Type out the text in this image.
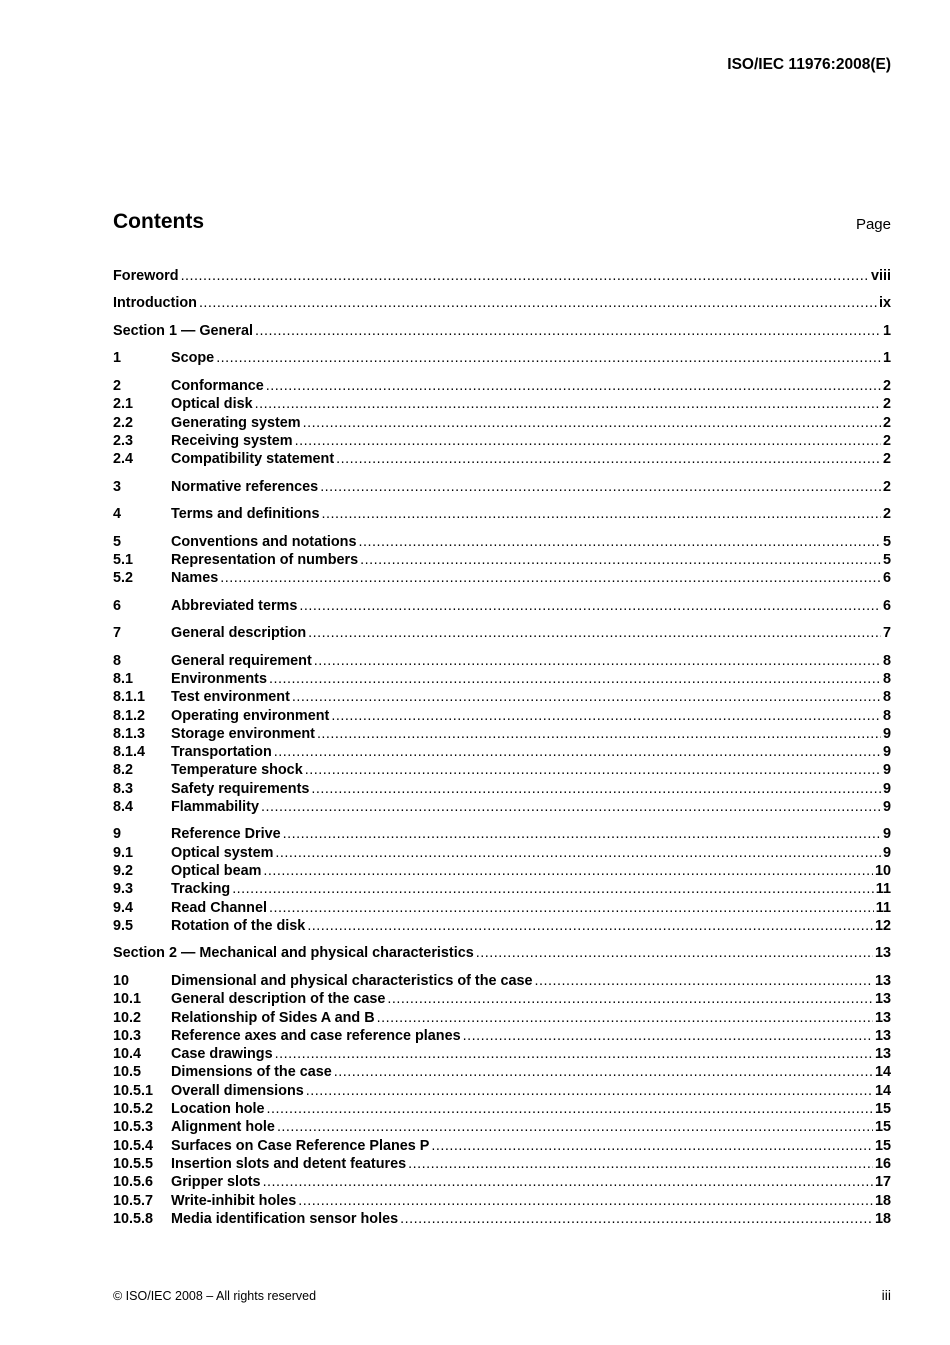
ISO/IEC 11976:2008(E)
Contents	Page
Foreword .....	viii
Introduction .....	ix
Section 1 — General .....	1
1	Scope .....	1
2	Conformance .....	2
2.1	Optical disk .....	2
2.2	Generating system .....	2
2.3	Receiving system .....	2
2.4	Compatibility statement .....	2
3	Normative references .....	2
4	Terms and definitions .....	2
5	Conventions and notations .....	5
5.1	Representation of numbers .....	5
5.2	Names .....	6
6	Abbreviated terms .....	6
7	General description .....	7
8	General requirement .....	8
8.1	Environments .....	8
8.1.1	Test environment .....	8
8.1.2	Operating environment .....	8
8.1.3	Storage environment .....	9
8.1.4	Transportation .....	9
8.2	Temperature shock .....	9
8.3	Safety requirements .....	9
8.4	Flammability .....	9
9	Reference Drive .....	9
9.1	Optical system .....	9
9.2	Optical beam .....	10
9.3	Tracking .....	11
9.4	Read Channel .....	11
9.5	Rotation of the disk .....	12
Section 2 — Mechanical and physical characteristics .....	13
10	Dimensional and physical characteristics of the case .....	13
10.1	General description of the case .....	13
10.2	Relationship of Sides A and B .....	13
10.3	Reference axes and case reference planes .....	13
10.4	Case drawings .....	13
10.5	Dimensions of the case .....	14
10.5.1	Overall dimensions .....	14
10.5.2	Location hole .....	15
10.5.3	Alignment hole .....	15
10.5.4	Surfaces on Case Reference Planes P .....	15
10.5.5	Insertion slots and detent features .....	16
10.5.6	Gripper slots .....	17
10.5.7	Write-inhibit holes .....	18
10.5.8	Media identification sensor holes .....	18
© ISO/IEC 2008 – All rights reserved	iii
